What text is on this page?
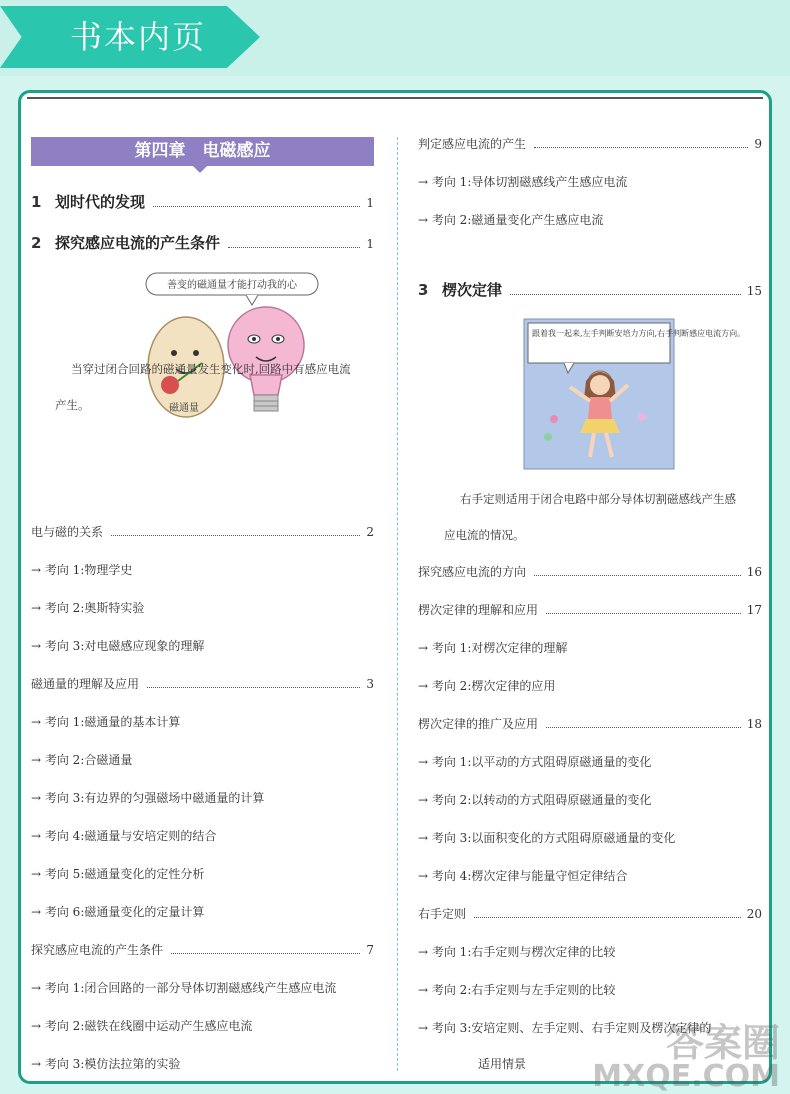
书本内页
第四章　电磁感应
1 划时代的发现	1
2 探究感应电流的产生条件	1
善变的磁通量才能打动我的心
磁通量
当穿过闭合回路的磁通量发生变化时,回路中有感应电流
产生。
电与磁的关系	2
→ 考向 1:物理学史
→ 考向 2:奥斯特实验
→ 考向 3:对电磁感应现象的理解
磁通量的理解及应用	3
→ 考向 1:磁通量的基本计算
→ 考向 2:合磁通量
→ 考向 3:有边界的匀强磁场中磁通量的计算
→ 考向 4:磁通量与安培定则的结合
→ 考向 5:磁通量变化的定性分析
→ 考向 6:磁通量变化的定量计算
探究感应电流的产生条件	7
→ 考向 1:闭合回路的一部分导体切割磁感线产生感应电流
→ 考向 2:磁铁在线圈中运动产生感应电流
→ 考向 3:模仿法拉第的实验
判定感应电流的产生	9
→ 考向 1:导体切割磁感线产生感应电流
→ 考向 2:磁通量变化产生感应电流
3 楞次定律	15
跟着我一起来,左手判断安培力方向,右手判断感应电流方向。
右手定则适用于闭合电路中部分导体切割磁感线产生感
应电流的情况。
探究感应电流的方向	16
楞次定律的理解和应用	17
→ 考向 1:对楞次定律的理解
→ 考向 2:楞次定律的应用
楞次定律的推广及应用	18
→ 考向 1:以平动的方式阻碍原磁通量的变化
→ 考向 2:以转动的方式阻碍原磁通量的变化
→ 考向 3:以面积变化的方式阻碍原磁通量的变化
→ 考向 4:楞次定律与能量守恒定律结合
右手定则	20
→ 考向 1:右手定则与楞次定律的比较
→ 考向 2:右手定则与左手定则的比较
→ 考向 3:安培定则、左手定则、右手定则及楞次定律的
适用情景	答案圈
MXQE.COM
